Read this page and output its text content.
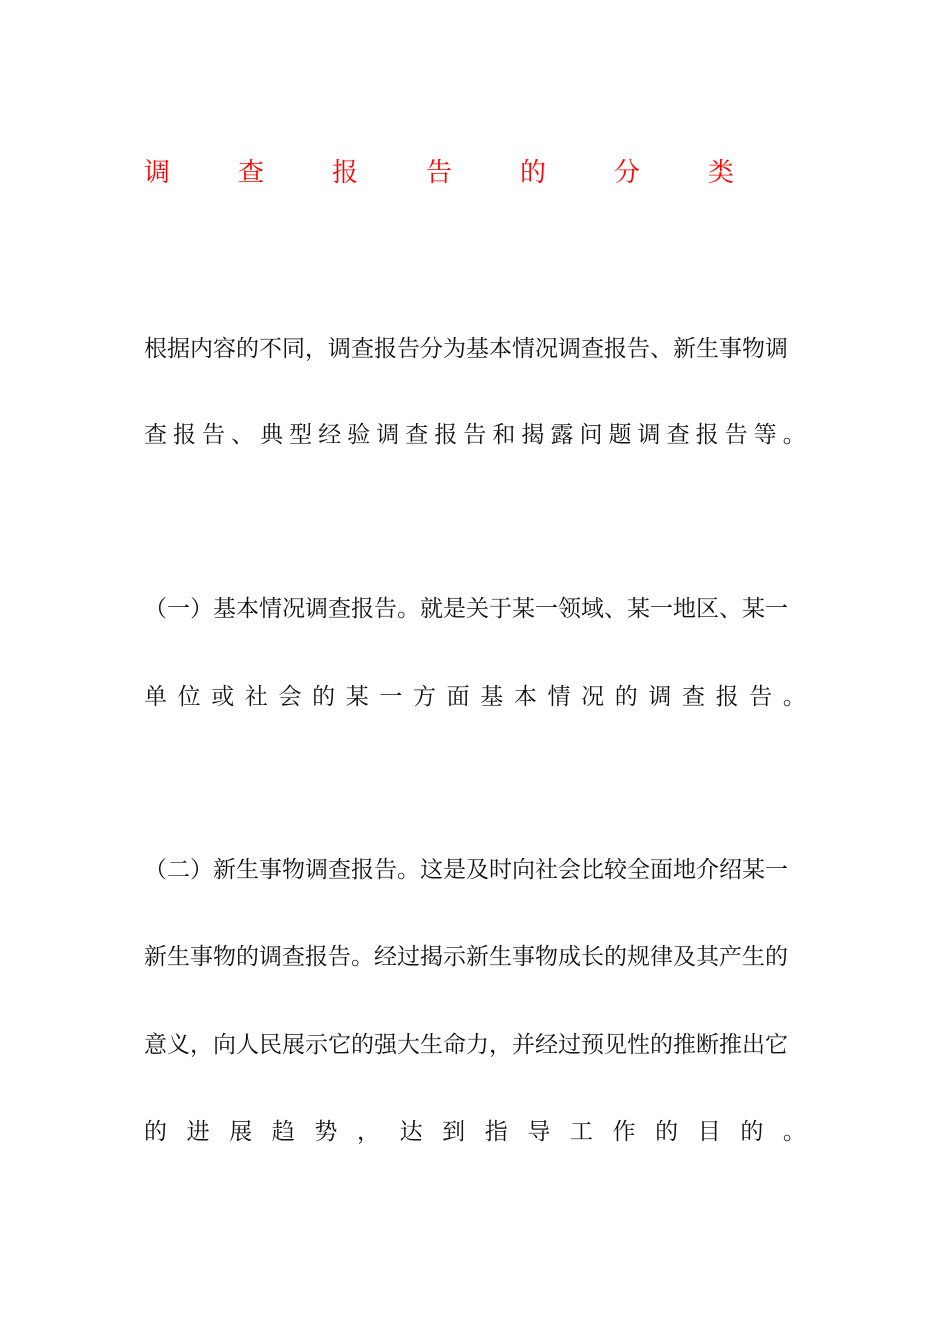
调	查	报	告	的	分	类
根据内容的不同，调查报告分为基本情况调查报告、新生事物调
查 报 告 、 典 型 经 验 调 查 报 告 和 揭 露 问 题 调 查 报 告 等 。
（一）基本情况调查报告。就是关于某一领域、某一地区、某一
单 位 或 社 会 的 某 一 方 面 基 本 情 况 的 调 查 报 告 。
（二）新生事物调查报告。这是及时向社会比较全面地介绍某一
新生事物的调查报告。经过揭示新生事物成长的规律及其产生的
意义，向人民展示它的强大生命力，并经过预见性的推断推出它
的 进 展 趋 势 ， 达 到 指 导 工 作 的 目 的 。
